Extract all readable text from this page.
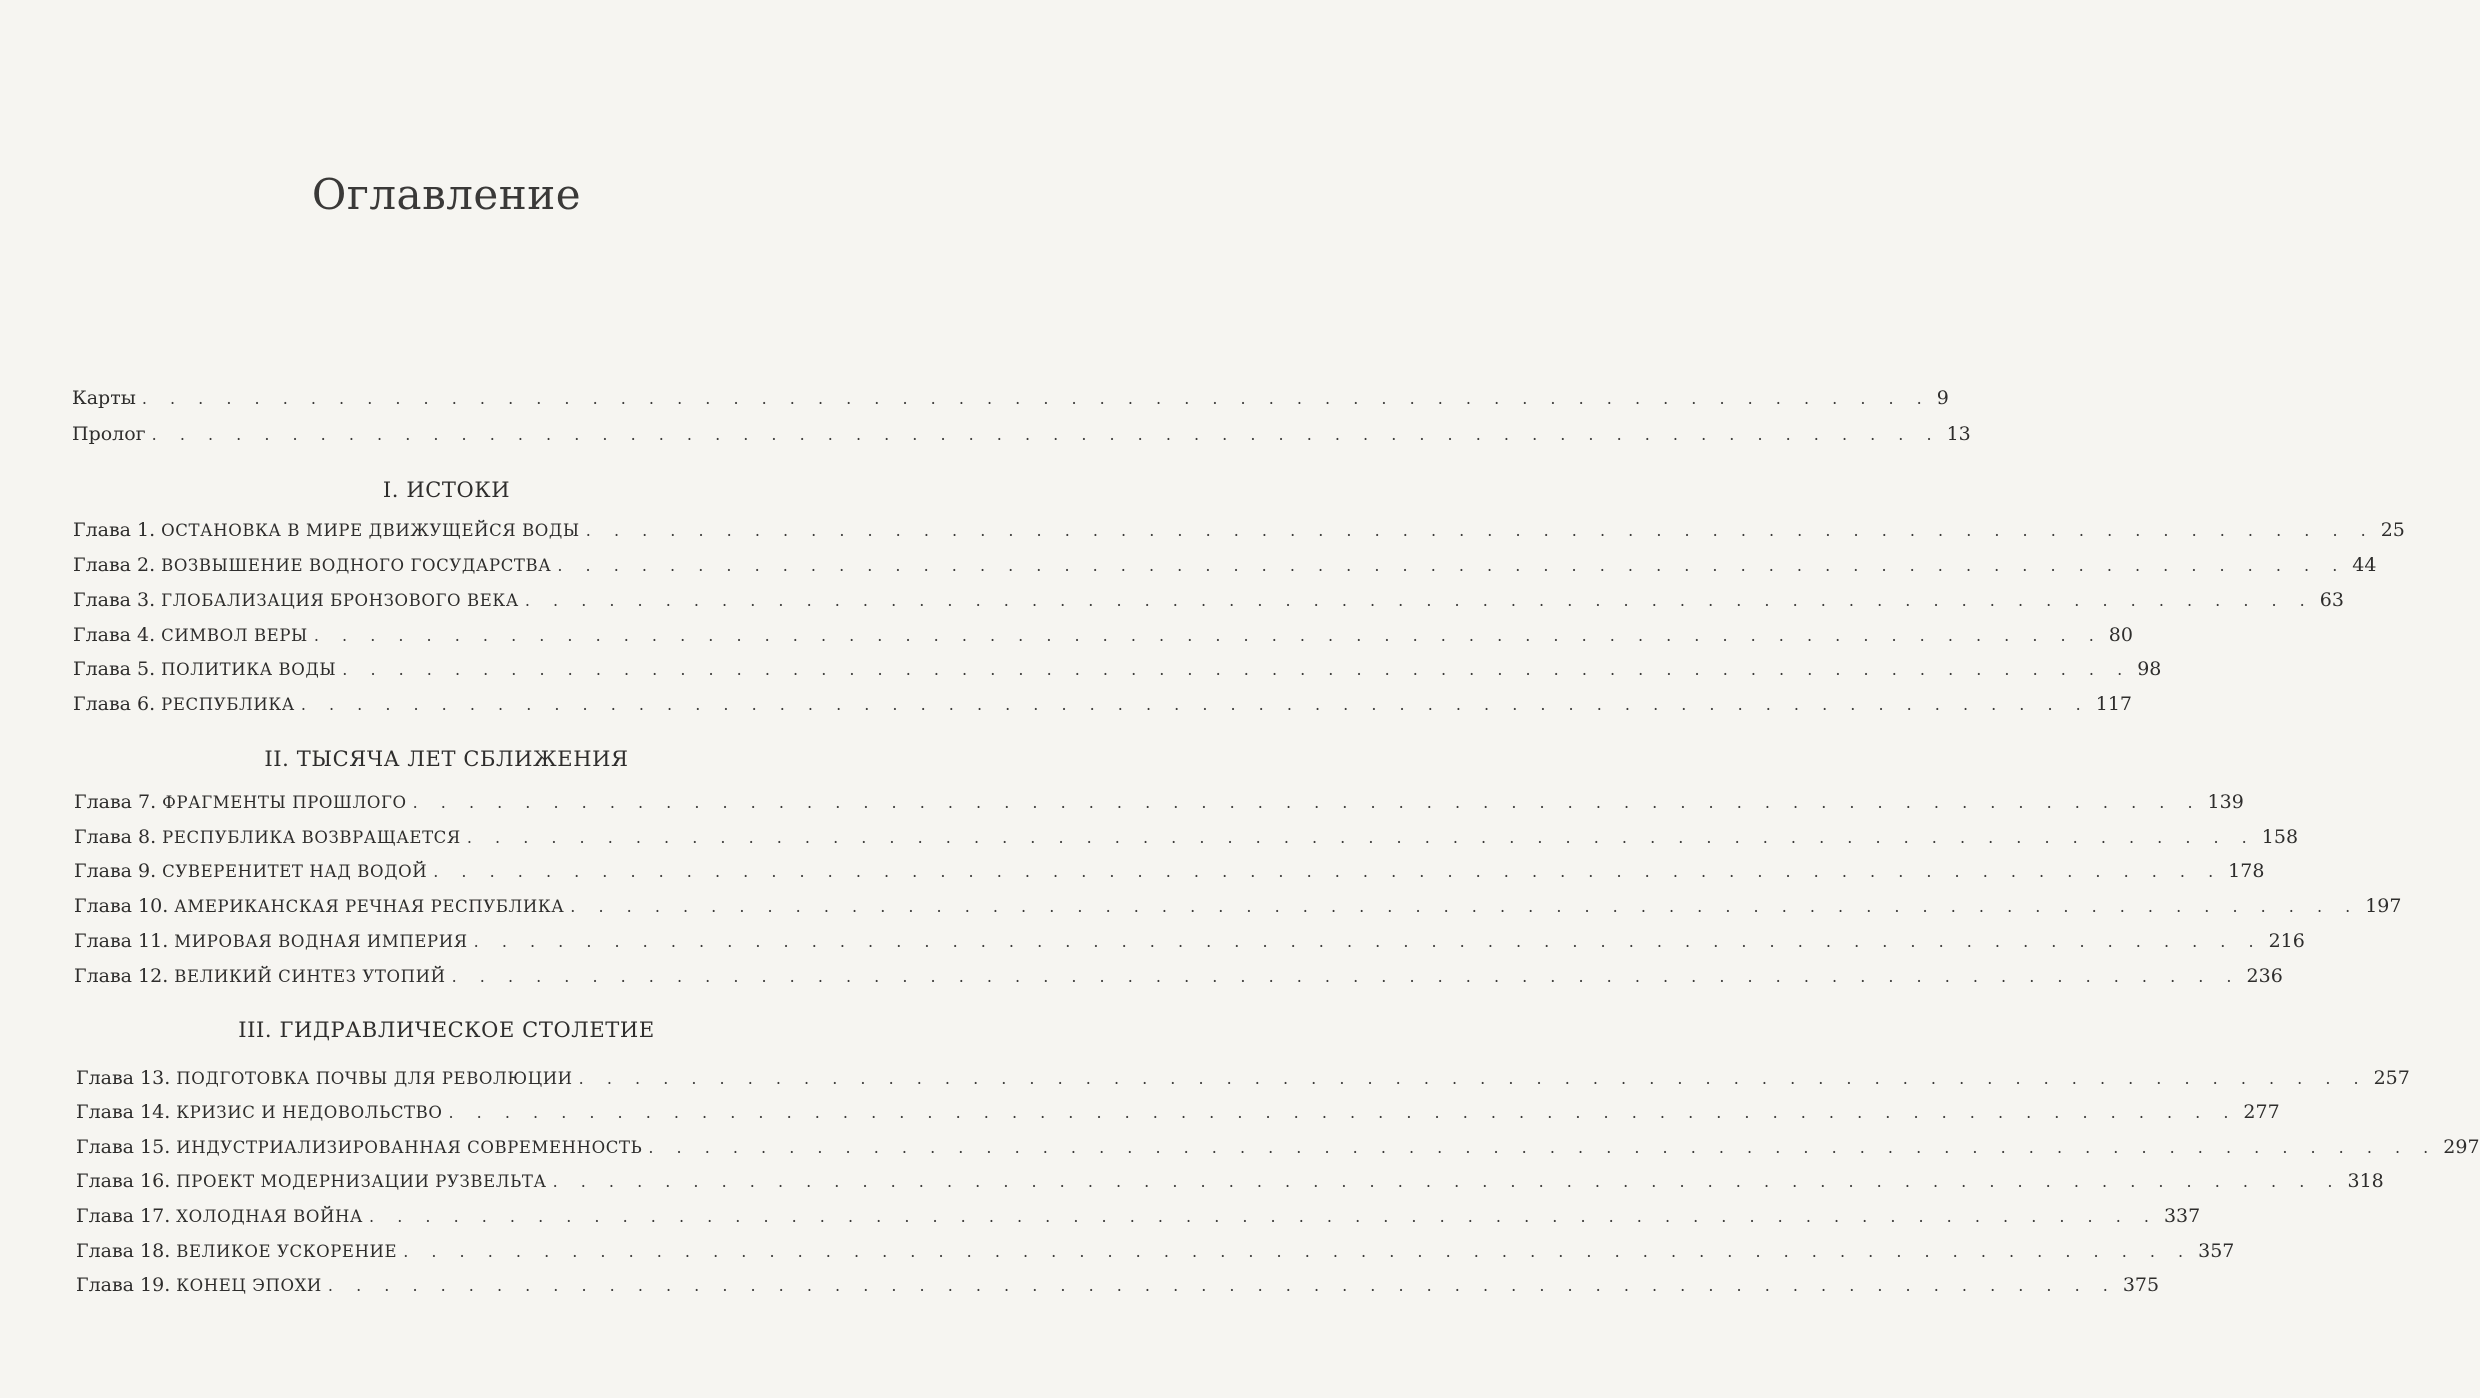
Оглавление
Карты . . . . . . . . . . . . . . . . . . . . . . . . . . . . . . . . . . . . . . . . . . . . . . . . . . . . . . . . . . . . . . . . 9
Пролог . . . . . . . . . . . . . . . . . . . . . . . . . . . . . . . . . . . . . . . . . . . . . . . . . . . . . . . . . . . . . . . . 13
I. ИСТОКИ
Глава 1. ОСТАНОВКА В МИРЕ ДВИЖУЩЕЙСЯ ВОДЫ . . . . . . . . . . . . . . . . . . . . . . . . . . . . . . . . . . . . . . . . . . . . . . . . . . . . . . . . . . . . . . . . 25
Глава 2. ВОЗВЫШЕНИЕ ВОДНОГО ГОСУДАРСТВА . . . . . . . . . . . . . . . . . . . . . . . . . . . . . . . . . . . . . . . . . . . . . . . . . . . . . . . . . . . . . . . . 44
Глава 3. ГЛОБАЛИЗАЦИЯ БРОНЗОВОГО ВЕКА . . . . . . . . . . . . . . . . . . . . . . . . . . . . . . . . . . . . . . . . . . . . . . . . . . . . . . . . . . . . . . . . 63
Глава 4. СИМВОЛ ВЕРЫ . . . . . . . . . . . . . . . . . . . . . . . . . . . . . . . . . . . . . . . . . . . . . . . . . . . . . . . . . . . . . . . . 80
Глава 5. ПОЛИТИКА ВОДЫ . . . . . . . . . . . . . . . . . . . . . . . . . . . . . . . . . . . . . . . . . . . . . . . . . . . . . . . . . . . . . . . . 98
Глава 6. РЕСПУБЛИКА . . . . . . . . . . . . . . . . . . . . . . . . . . . . . . . . . . . . . . . . . . . . . . . . . . . . . . . . . . . . . . . . 117
II. ТЫСЯЧА ЛЕТ СБЛИЖЕНИЯ
Глава 7. ФРАГМЕНТЫ ПРОШЛОГО . . . . . . . . . . . . . . . . . . . . . . . . . . . . . . . . . . . . . . . . . . . . . . . . . . . . . . . . . . . . . . . . 139
Глава 8. РЕСПУБЛИКА ВОЗВРАЩАЕТСЯ . . . . . . . . . . . . . . . . . . . . . . . . . . . . . . . . . . . . . . . . . . . . . . . . . . . . . . . . . . . . . . . . 158
Глава 9. СУВЕРЕНИТЕТ НАД ВОДОЙ . . . . . . . . . . . . . . . . . . . . . . . . . . . . . . . . . . . . . . . . . . . . . . . . . . . . . . . . . . . . . . . . 178
Глава 10. АМЕРИКАНСКАЯ РЕЧНАЯ РЕСПУБЛИКА . . . . . . . . . . . . . . . . . . . . . . . . . . . . . . . . . . . . . . . . . . . . . . . . . . . . . . . . . . . . . . . . 197
Глава 11. МИРОВАЯ ВОДНАЯ ИМПЕРИЯ . . . . . . . . . . . . . . . . . . . . . . . . . . . . . . . . . . . . . . . . . . . . . . . . . . . . . . . . . . . . . . . . 216
Глава 12. ВЕЛИКИЙ СИНТЕЗ УТОПИЙ . . . . . . . . . . . . . . . . . . . . . . . . . . . . . . . . . . . . . . . . . . . . . . . . . . . . . . . . . . . . . . . . 236
III. ГИДРАВЛИЧЕСКОЕ СТОЛЕТИЕ
Глава 13. ПОДГОТОВКА ПОЧВЫ ДЛЯ РЕВОЛЮЦИИ . . . . . . . . . . . . . . . . . . . . . . . . . . . . . . . . . . . . . . . . . . . . . . . . . . . . . . . . . . . . . . . . 257
Глава 14. КРИЗИС И НЕДОВОЛЬСТВО . . . . . . . . . . . . . . . . . . . . . . . . . . . . . . . . . . . . . . . . . . . . . . . . . . . . . . . . . . . . . . . . 277
Глава 15. ИНДУСТРИАЛИЗИРОВАННАЯ СОВРЕМЕННОСТЬ . . . . . . . . . . . . . . . . . . . . . . . . . . . . . . . . . . . . . . . . . . . . . . . . . . . . . . . . . . . . . . . . 297
Глава 16. ПРОЕКТ МОДЕРНИЗАЦИИ РУЗВЕЛЬТА . . . . . . . . . . . . . . . . . . . . . . . . . . . . . . . . . . . . . . . . . . . . . . . . . . . . . . . . . . . . . . . . 318
Глава 17. ХОЛОДНАЯ ВОЙНА . . . . . . . . . . . . . . . . . . . . . . . . . . . . . . . . . . . . . . . . . . . . . . . . . . . . . . . . . . . . . . . . 337
Глава 18. ВЕЛИКОЕ УСКОРЕНИЕ . . . . . . . . . . . . . . . . . . . . . . . . . . . . . . . . . . . . . . . . . . . . . . . . . . . . . . . . . . . . . . . . 357
Глава 19. КОНЕЦ ЭПОХИ . . . . . . . . . . . . . . . . . . . . . . . . . . . . . . . . . . . . . . . . . . . . . . . . . . . . . . . . . . . . . . . . 375
